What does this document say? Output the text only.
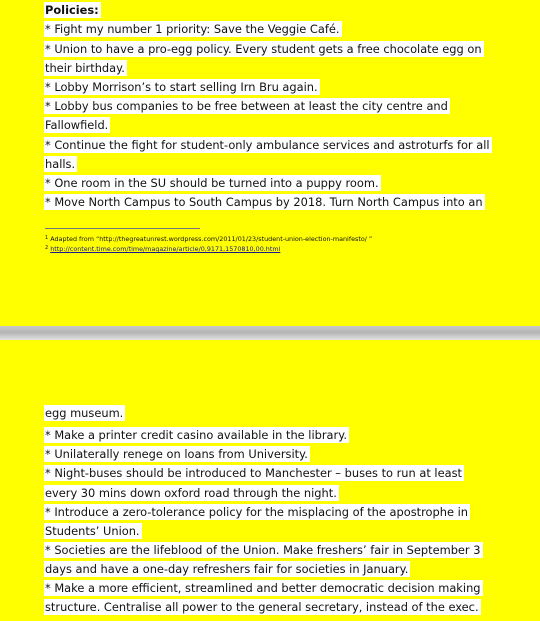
Policies:
* Fight my number 1 priority: Save the Veggie Café.
* Union to have a pro-egg policy. Every student gets a free chocolate egg on
their birthday.
* Lobby Morrison’s to start selling Irn Bru again.
* Lobby bus companies to be free between at least the city centre and
Fallowfield.
* Continue the fight for student-only ambulance services and astroturfs for all
halls.
* One room in the SU should be turned into a puppy room.
* Move North Campus to South Campus by 2018. Turn North Campus into an
$^1$ Adapted from “http://thegreatunrest.wordpress.com/2011/01/23/student-union-election-manifesto/ ”
$^2$ http://content.time.com/time/magazine/article/0,9171,1570810,00.html
egg museum.
* Make a printer credit casino available in the library.
* Unilaterally renege on loans from University.
* Night-buses should be introduced to Manchester – buses to run at least
every 30 mins down oxford road through the night.
* Introduce a zero-tolerance policy for the misplacing of the apostrophe in
Students’ Union.
* Societies are the lifeblood of the Union. Make freshers’ fair in September 3
days and have a one-day refreshers fair for societies in January.
* Make a more efficient, streamlined and better democratic decision making
structure. Centralise all power to the general secretary, instead of the exec.
